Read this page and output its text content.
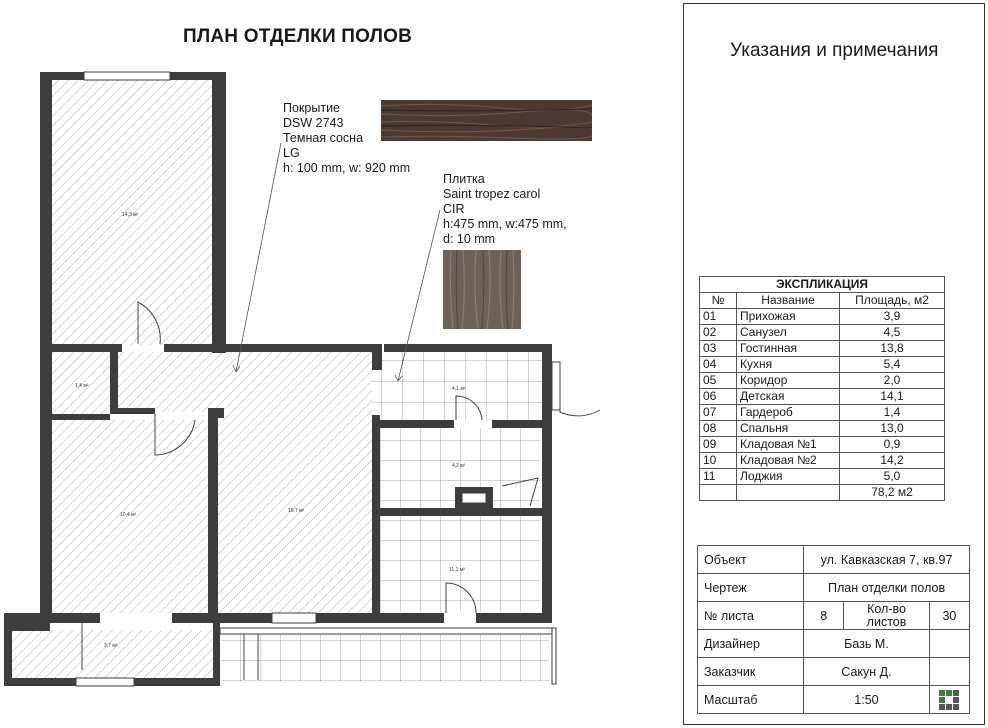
ПЛАН ОТДЕЛКИ ПОЛОВ
14,3 м²
1,4 м²	4,1 м²
4,2 м²
10,4 м²
15,7 м²
11,1 м²
3,7 м²
Покрытие
DSW 2743
Темная сосна
LG
h: 100 mm, w: 920 mm
Плитка
Saint tropez carol
CIR
h:475 mm, w:475 mm,
d: 10 mm
Указания и примечания
ЭКСПЛИКАЦИЯ		
№	Название	Площадь, м2
01	Прихожая	3,9
02	Санузел	4,5
03	Гостинная	13,8
04	Кухня	5,4
05	Коридор	2,0
06	Детская	14,1
07	Гардероб	1,4
08	Спальня	13,0
09	Кладовая №1	0,9
10	Кладовая №2	14,2
11	Лоджия	5,0
		78,2 м2
Объект	ул. Кавказская 7, кв.97		
Чертеж	План отделки полов		
№ листа	8	Кол-во листов	30
Дизайнер	Базь М.		
Заказчик	Сакун Д.		
Масштаб	1:50	
